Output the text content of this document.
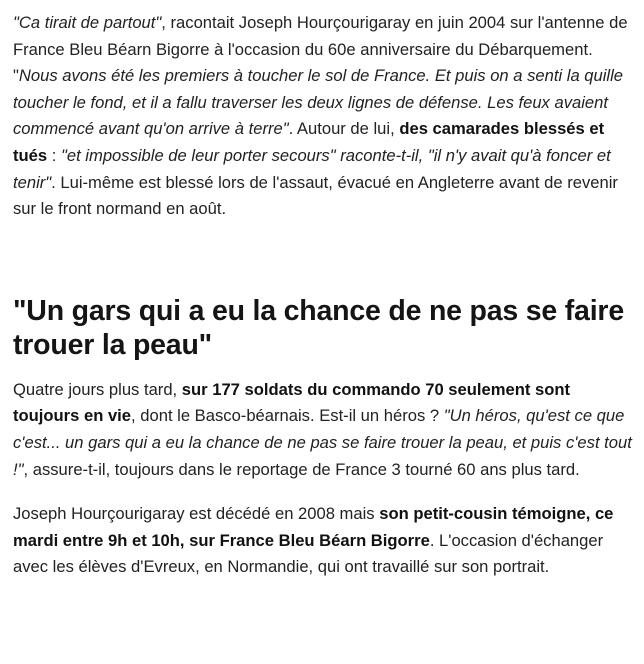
"Ca tirait de partout", racontait Joseph Hourçourigaray en juin 2004 sur l'antenne de France Bleu Béarn Bigorre à l'occasion du 60e anniversaire du Débarquement. "Nous avons été les premiers à toucher le sol de France. Et puis on a senti la quille toucher le fond, et il a fallu traverser les deux lignes de défense. Les feux avaient commencé avant qu'on arrive à terre". Autour de lui, des camarades blessés et tués : "et impossible de leur porter secours" raconte-t-il, "il n'y avait qu'à foncer et tenir". Lui-même est blessé lors de l'assaut, évacué en Angleterre avant de revenir sur le front normand en août.

"Un gars qui a eu la chance de ne pas se faire trouer la peau"

Quatre jours plus tard, sur 177 soldats du commando 70 seulement sont toujours en vie, dont le Basco-béarnais. Est-il un héros ? "Un héros, qu'est ce que c'est... un gars qui a eu la chance de ne pas se faire trouer la peau, et puis c'est tout !", assure-t-il, toujours dans le reportage de France 3 tourné 60 ans plus tard.

Joseph Hourçourigaray est décédé en 2008 mais son petit-cousin témoigne, ce mardi entre 9h et 10h, sur France Bleu Béarn Bigorre. L'occasion d'échanger avec les élèves d'Evreux, en Normandie, qui ont travaillé sur son portrait.
